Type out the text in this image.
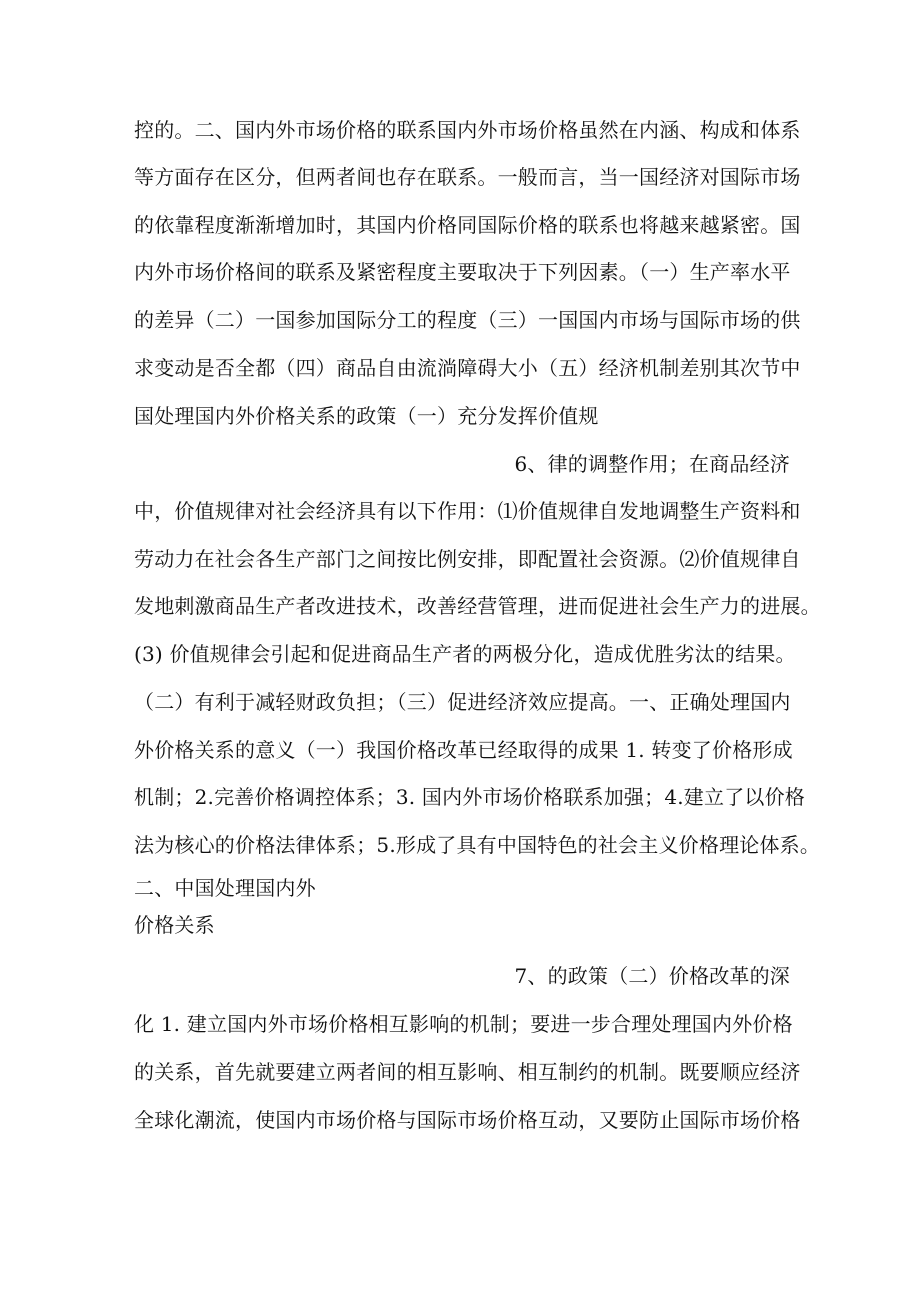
控的。二、国内外市场价格的联系国内外市场价格虽然在内涵、构成和体系
等方面存在区分，但两者间也存在联系。一般而言，当一国经济对国际市场
的依靠程度渐渐增加时，其国内价格同国际价格的联系也将越来越紧密。国
内外市场价格间的联系及紧密程度主要取决于下列因素。（一）生产率水平
的差异（二）一国参加国际分工的程度（三）一国国内市场与国际市场的供
求变动是否全都（四）商品自由流淌障碍大小（五）经济机制差别其次节中
国处理国内外价格关系的政策（一）充分发挥价值规
6、律的调整作用；在商品经济
中，价值规律对社会经济具有以下作用：⑴价值规律自发地调整生产资料和
劳动力在社会各生产部门之间按比例安排，即配置社会资源。⑵价值规律自
发地刺激商品生产者改进技术，改善经营管理，进而促进社会生产力的进展。
(3) 价值规律会引起和促进商品生产者的两极分化，造成优胜劣汰的结果。
（二）有利于减轻财政负担；（三）促进经济效应提高。一、正确处理国内
外价格关系的意义（一）我国价格改革已经取得的成果 1. 转变了价格形成
机制；2.完善价格调控体系；3. 国内外市场价格联系加强；4.建立了以价格
法为核心的价格法律体系；5.形成了具有中国特色的社会主义价格理论体系。
二、中国处理国内外
价格关系
7、的政策（二）价格改革的深
化 1. 建立国内外市场价格相互影响的机制；要进一步合理处理国内外价格
的关系，首先就要建立两者间的相互影响、相互制约的机制。既要顺应经济
全球化潮流，使国内市场价格与国际市场价格互动，又要防止国际市场价格
